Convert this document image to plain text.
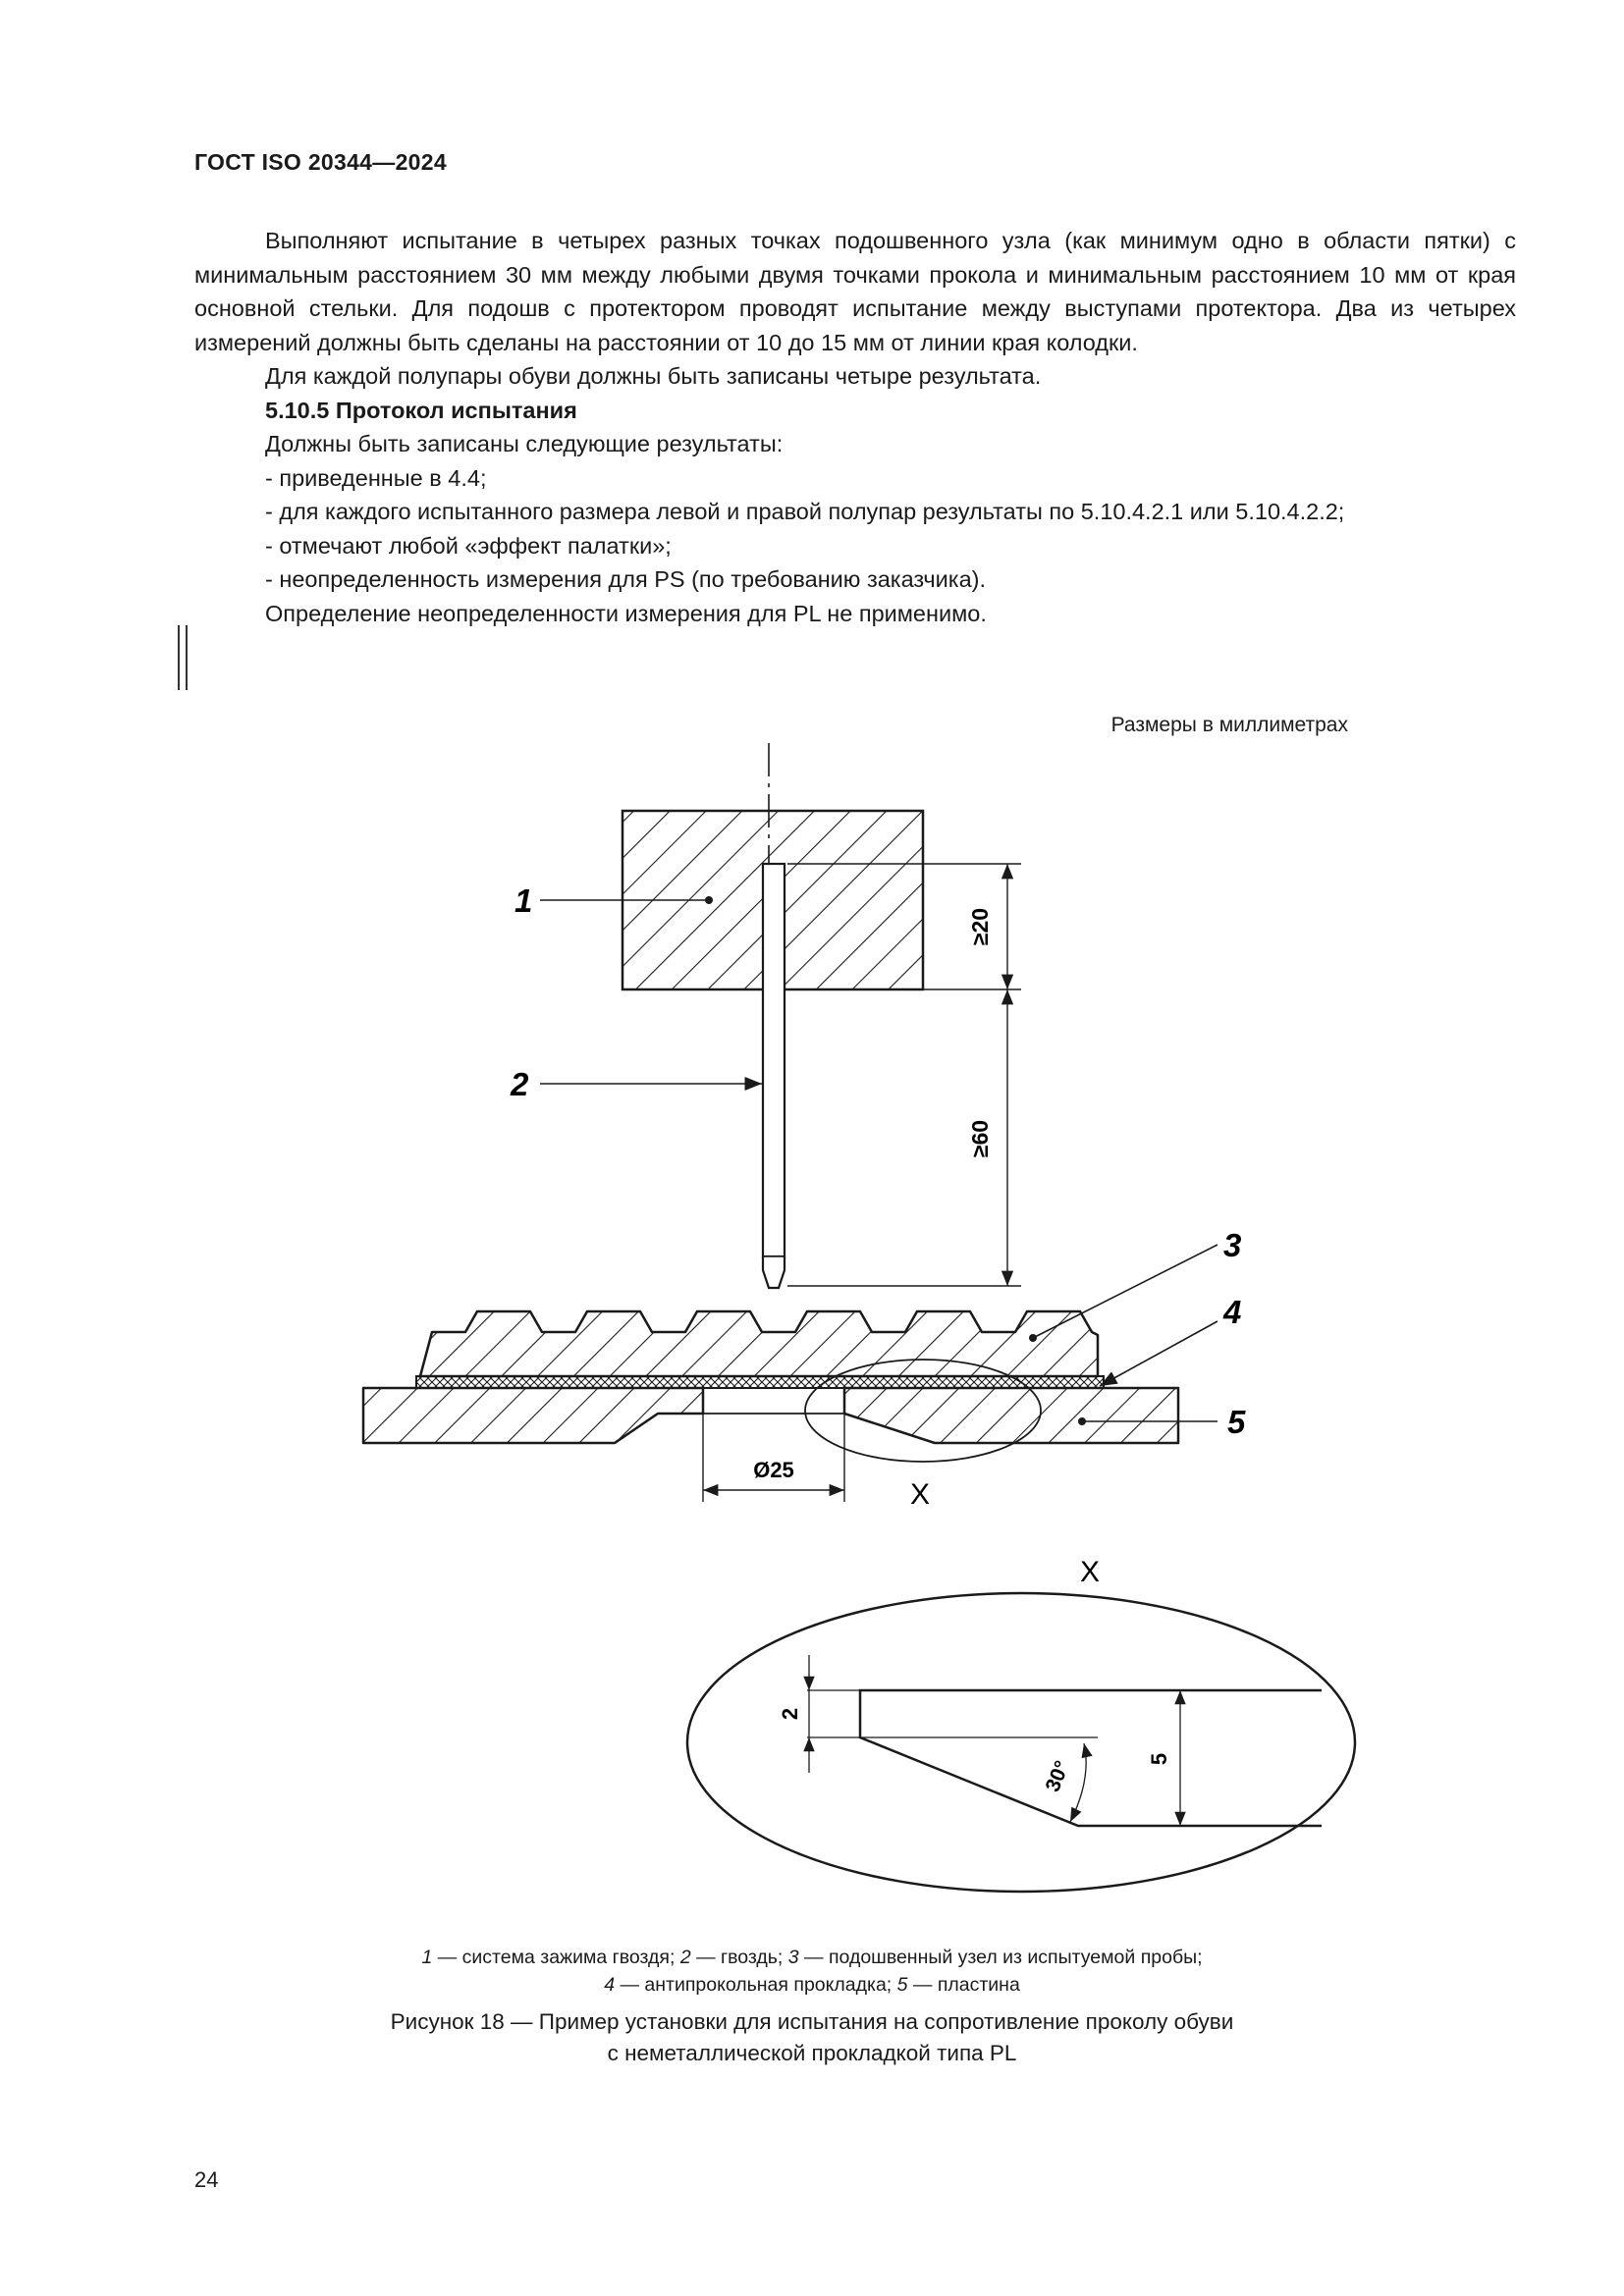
ГОСТ ISO 20344—2024

Выполняют испытание в четырех разных точках подошвенного узла (как минимум одно в области пятки) с минимальным расстоянием 30 мм между любыми двумя точками прокола и минимальным расстоянием 10 мм от края основной стельки. Для подошв с протектором проводят испытание между выступами протектора. Два из четырех измерений должны быть сделаны на расстоянии от 10 до 15 мм от линии края колодки.

Для каждой полупары обуви должны быть записаны четыре результата.

5.10.5 Протокол испытания

Должны быть записаны следующие результаты:

- приведенные в 4.4;

- для каждого испытанного размера левой и правой полупар результаты по 5.10.4.2.1 или 5.10.4.2.2;

- отмечают любой «эффект палатки»;

- неопределенность измерения для PS (по требованию заказчика).

Определение неопределенности измерения для PL не применимо.

Размеры в миллиметрах
≥20
≥60
Ø25
X
1
2
3
4
5
X
2
5
30°
1 — система зажима гвоздя; 2 — гвоздь; 3 — подошвенный узел из испытуемой пробы;
4 — антипрокольная прокладка; 5 — пластина
Рисунок 18 — Пример установки для испытания на сопротивление проколу обуви
с неметаллической прокладкой типа PL
24
